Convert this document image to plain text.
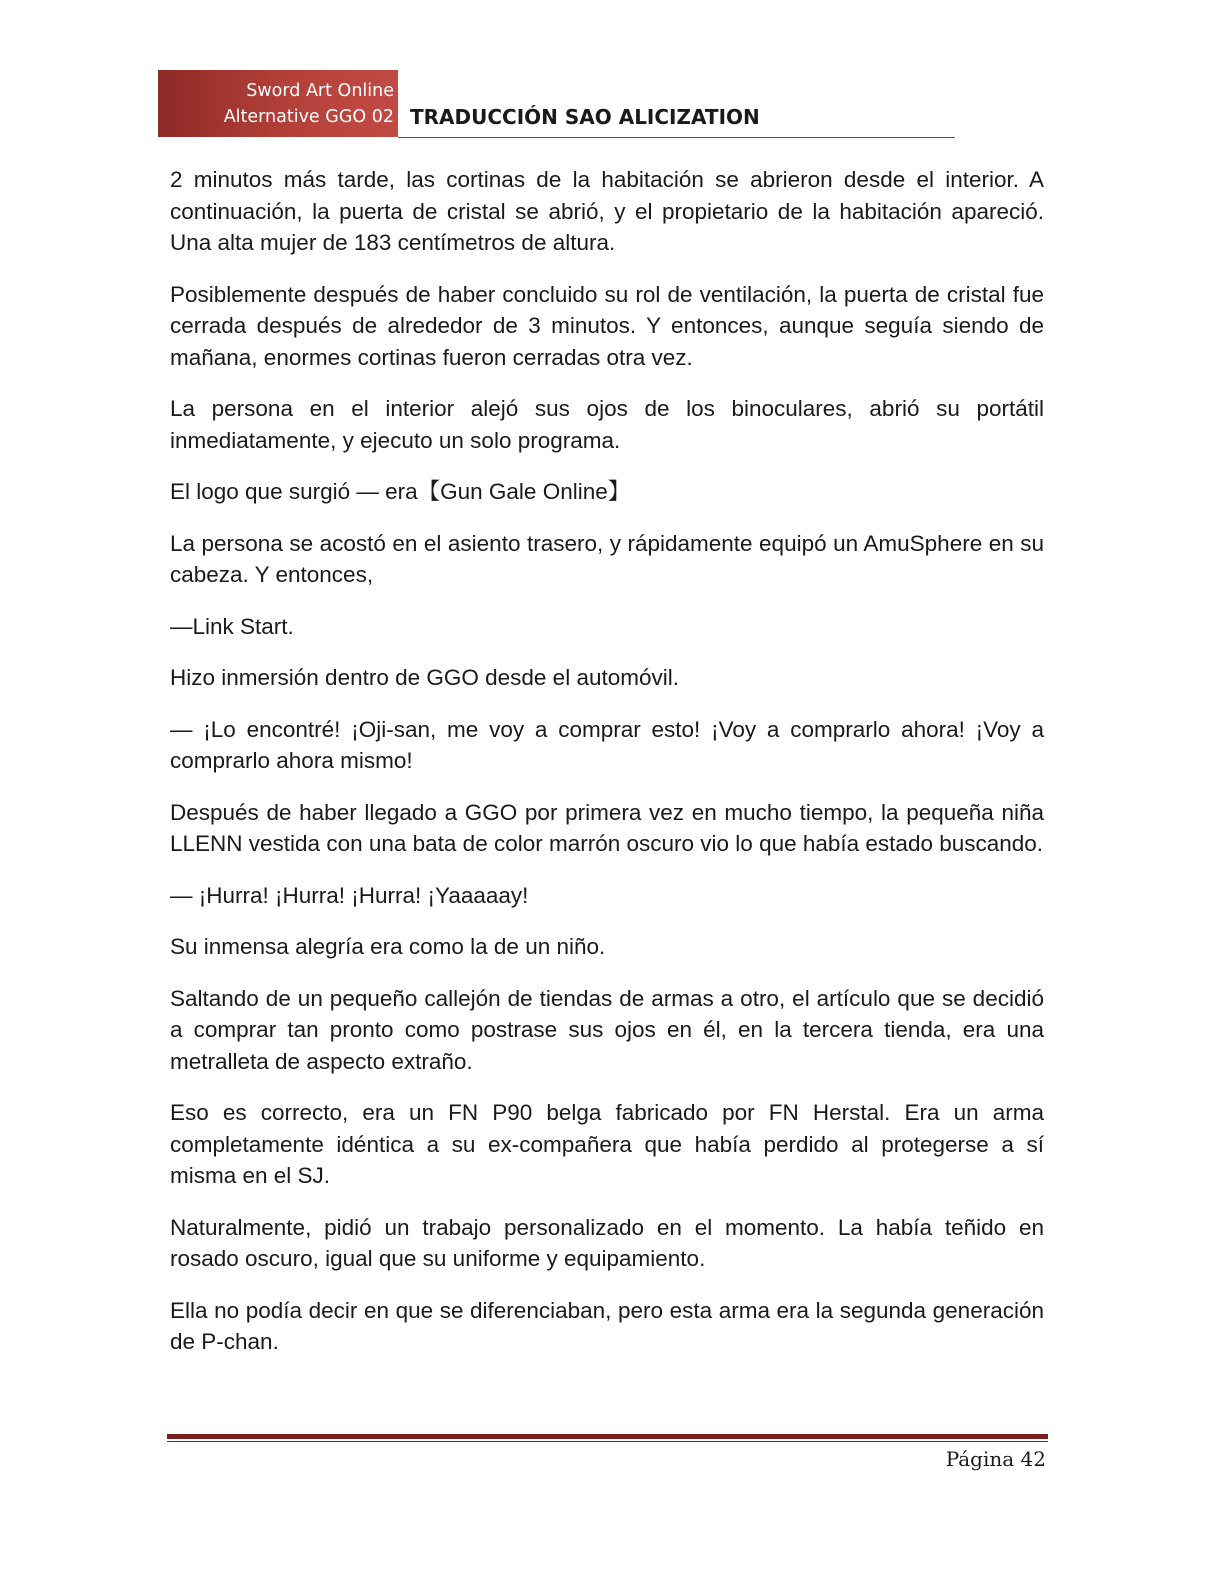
Sword Art Online
Alternative GGO 02 TRADUCCIÓN SAO ALICIZATION

2 minutos más tarde, las cortinas de la habitación se abrieron desde el interior. A continuación, la puerta de cristal se abrió, y el propietario de la habitación apareció. Una alta mujer de 183 centímetros de altura.

Posiblemente después de haber concluido su rol de ventilación, la puerta de cristal fue cerrada después de alrededor de 3 minutos. Y entonces, aunque seguía siendo de mañana, enormes cortinas fueron cerradas otra vez.

La persona en el interior alejó sus ojos de los binoculares, abrió su portátil inmediatamente, y ejecuto un solo programa.

El logo que surgió — era【Gun Gale Online】

La persona se acostó en el asiento trasero, y rápidamente equipó un AmuSphere en su cabeza. Y entonces,

—Link Start.

Hizo inmersión dentro de GGO desde el automóvil.

— ¡Lo encontré! ¡Oji-san, me voy a comprar esto! ¡Voy a comprarlo ahora! ¡Voy a comprarlo ahora mismo!

Después de haber llegado a GGO por primera vez en mucho tiempo, la pequeña niña LLENN vestida con una bata de color marrón oscuro vio lo que había estado buscando.

— ¡Hurra! ¡Hurra! ¡Hurra! ¡Yaaaaay!

Su inmensa alegría era como la de un niño.

Saltando de un pequeño callejón de tiendas de armas a otro, el artículo que se decidió a comprar tan pronto como postrase sus ojos en él, en la tercera tienda, era una metralleta de aspecto extraño.

Eso es correcto, era un FN P90 belga fabricado por FN Herstal. Era un arma completamente idéntica a su ex-compañera que había perdido al protegerse a sí misma en el SJ.

Naturalmente, pidió un trabajo personalizado en el momento. La había teñido en rosado oscuro, igual que su uniforme y equipamiento.

Ella no podía decir en que se diferenciaban, pero esta arma era la segunda generación de P-chan.

Página 42
